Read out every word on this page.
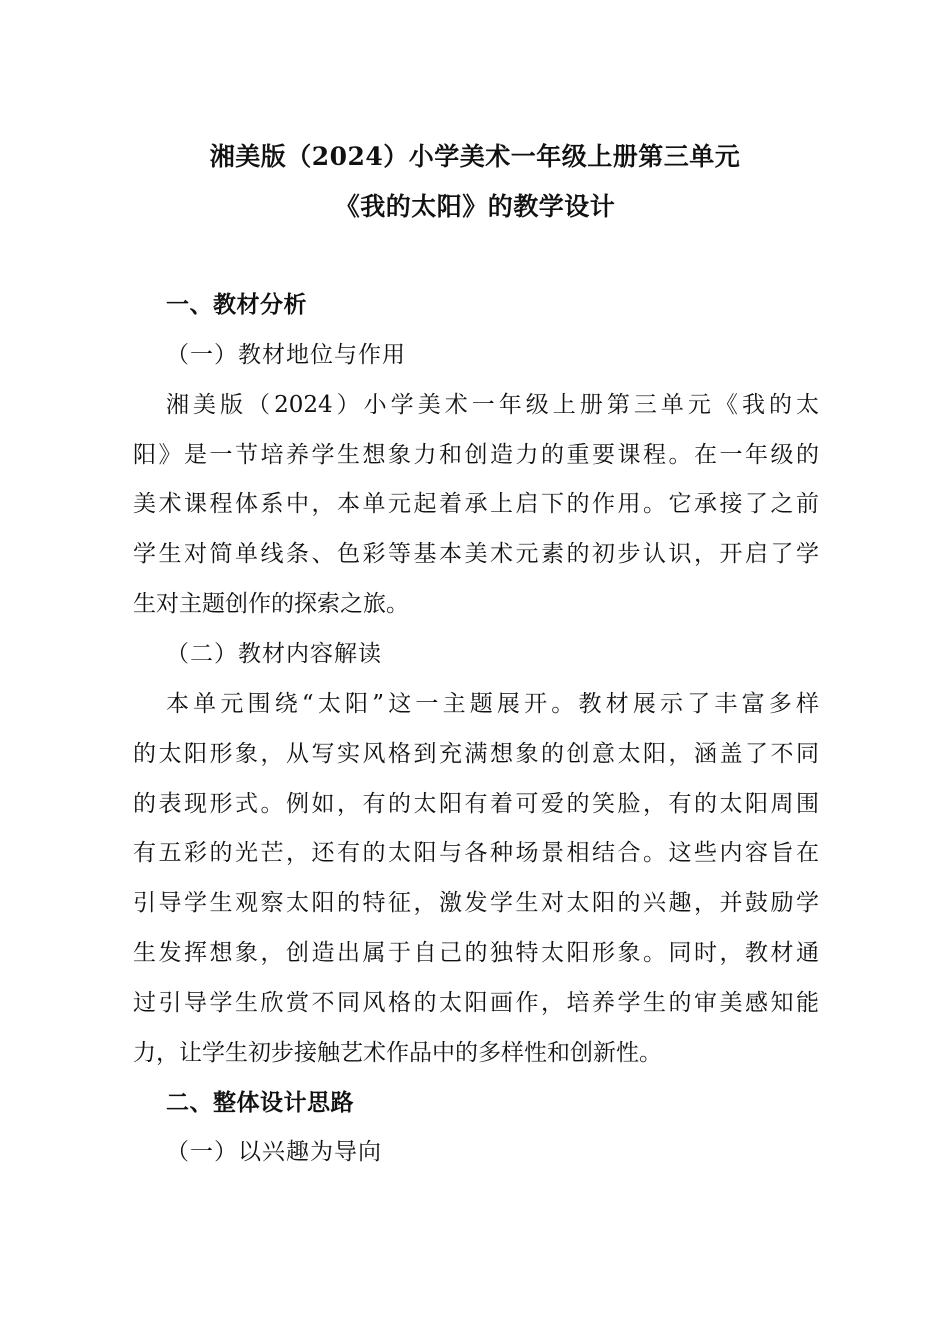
湘美版（2024）小学美术一年级上册第三单元
《我的太阳》的教学设计
一、教材分析
（一）教材地位与作用
湘美版（2024）小学美术一年级上册第三单元《我的太
阳》是一节培养学生想象力和创造力的重要课程。在一年级的
美术课程体系中，本单元起着承上启下的作用。它承接了之前
学生对简单线条、色彩等基本美术元素的初步认识，开启了学
生对主题创作的探索之旅。
（二）教材内容解读
本单元围绕“太阳”这一主题展开。教材展示了丰富多样
的太阳形象，从写实风格到充满想象的创意太阳，涵盖了不同
的表现形式。例如，有的太阳有着可爱的笑脸，有的太阳周围
有五彩的光芒，还有的太阳与各种场景相结合。这些内容旨在
引导学生观察太阳的特征，激发学生对太阳的兴趣，并鼓励学
生发挥想象，创造出属于自己的独特太阳形象。同时，教材通
过引导学生欣赏不同风格的太阳画作，培养学生的审美感知能
力，让学生初步接触艺术作品中的多样性和创新性。
二、整体设计思路
（一）以兴趣为导向
